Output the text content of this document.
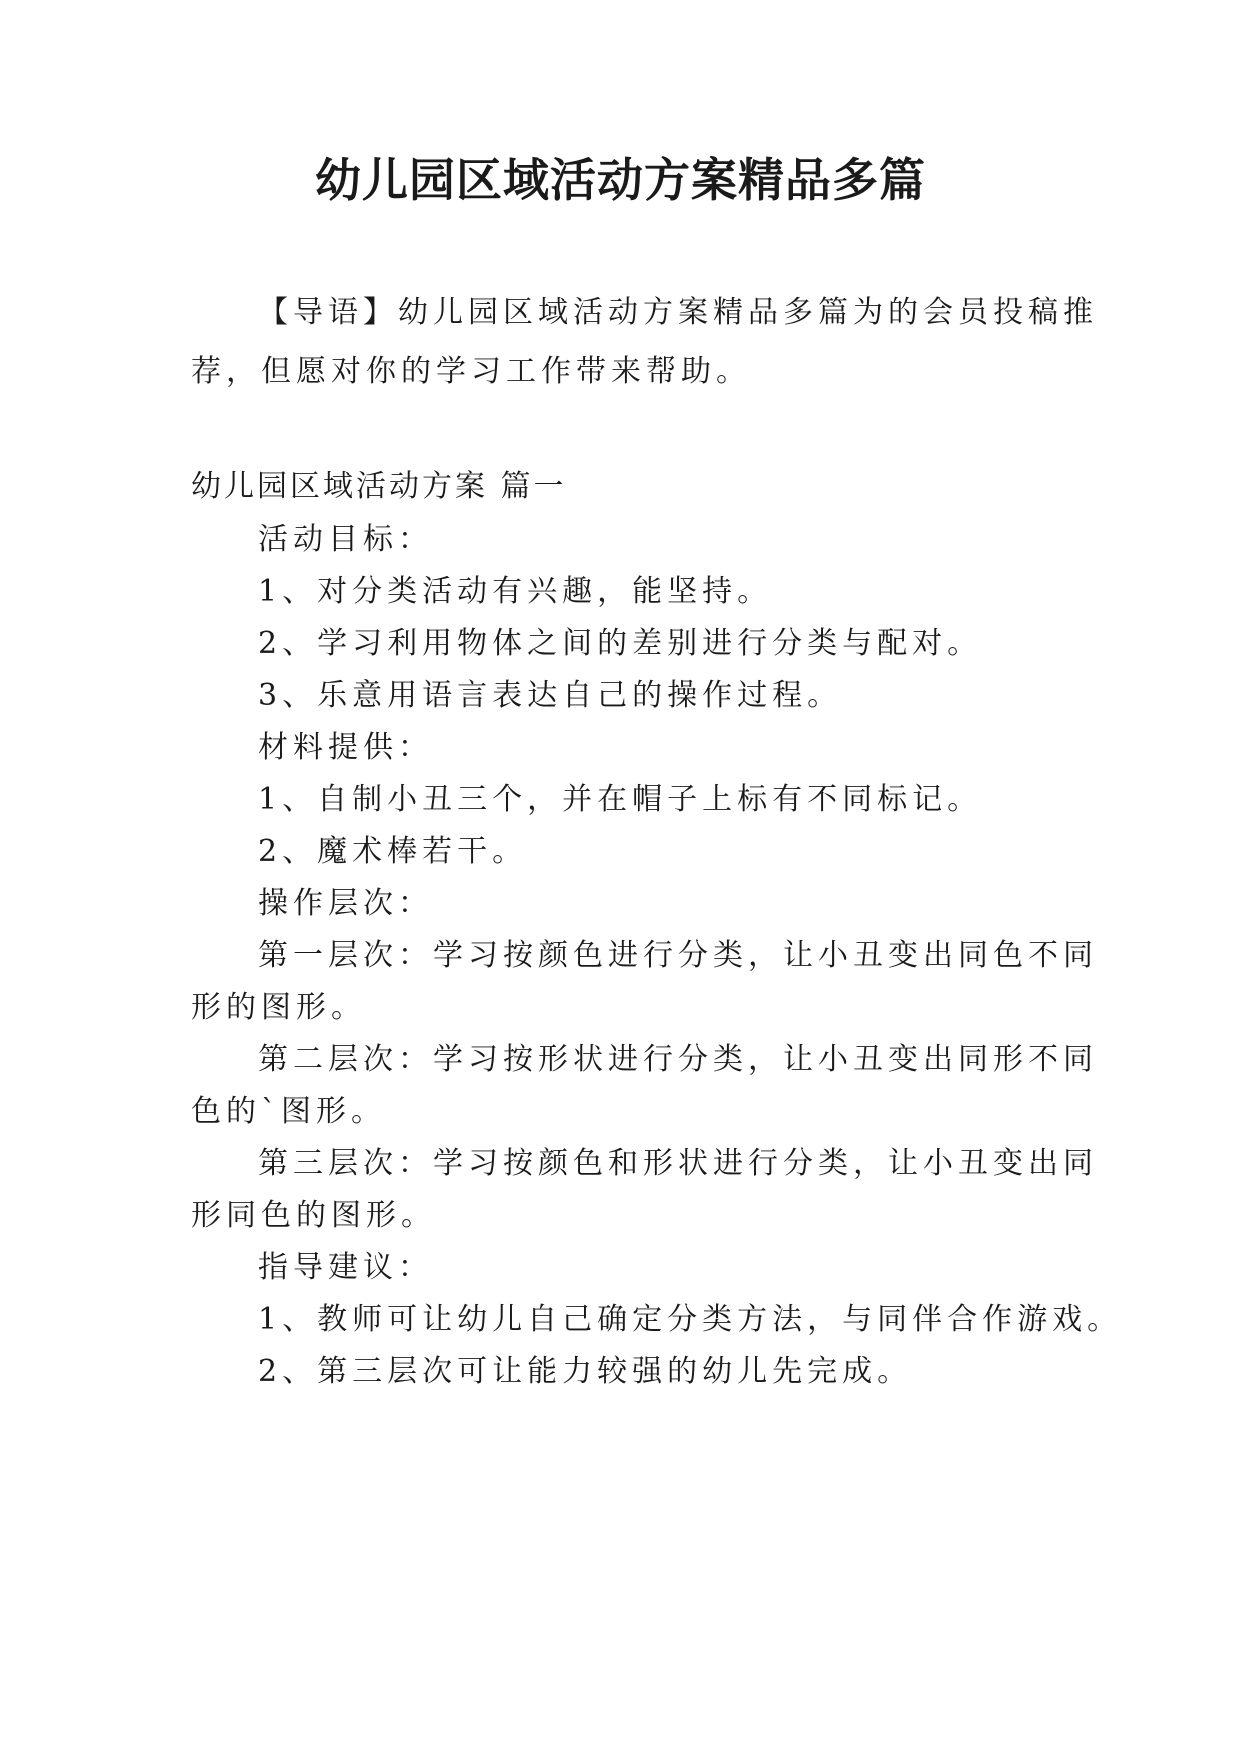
幼儿园区域活动方案精品多篇
【导语】幼儿园区域活动方案精品多篇为的会员投稿推
荐，但愿对你的学习工作带来帮助。
幼儿园区域活动方案 篇一
活动目标：
1、对分类活动有兴趣，能坚持。
2、学习利用物体之间的差别进行分类与配对。
3、乐意用语言表达自己的操作过程。
材料提供：
1、自制小丑三个，并在帽子上标有不同标记。
2、魔术棒若干。
操作层次：
第一层次：学习按颜色进行分类，让小丑变出同色不同
形的图形。
第二层次：学习按形状进行分类，让小丑变出同形不同
色的`图形。
第三层次：学习按颜色和形状进行分类，让小丑变出同
形同色的图形。
指导建议：
1、教师可让幼儿自己确定分类方法，与同伴合作游戏。
2、第三层次可让能力较强的幼儿先完成。
